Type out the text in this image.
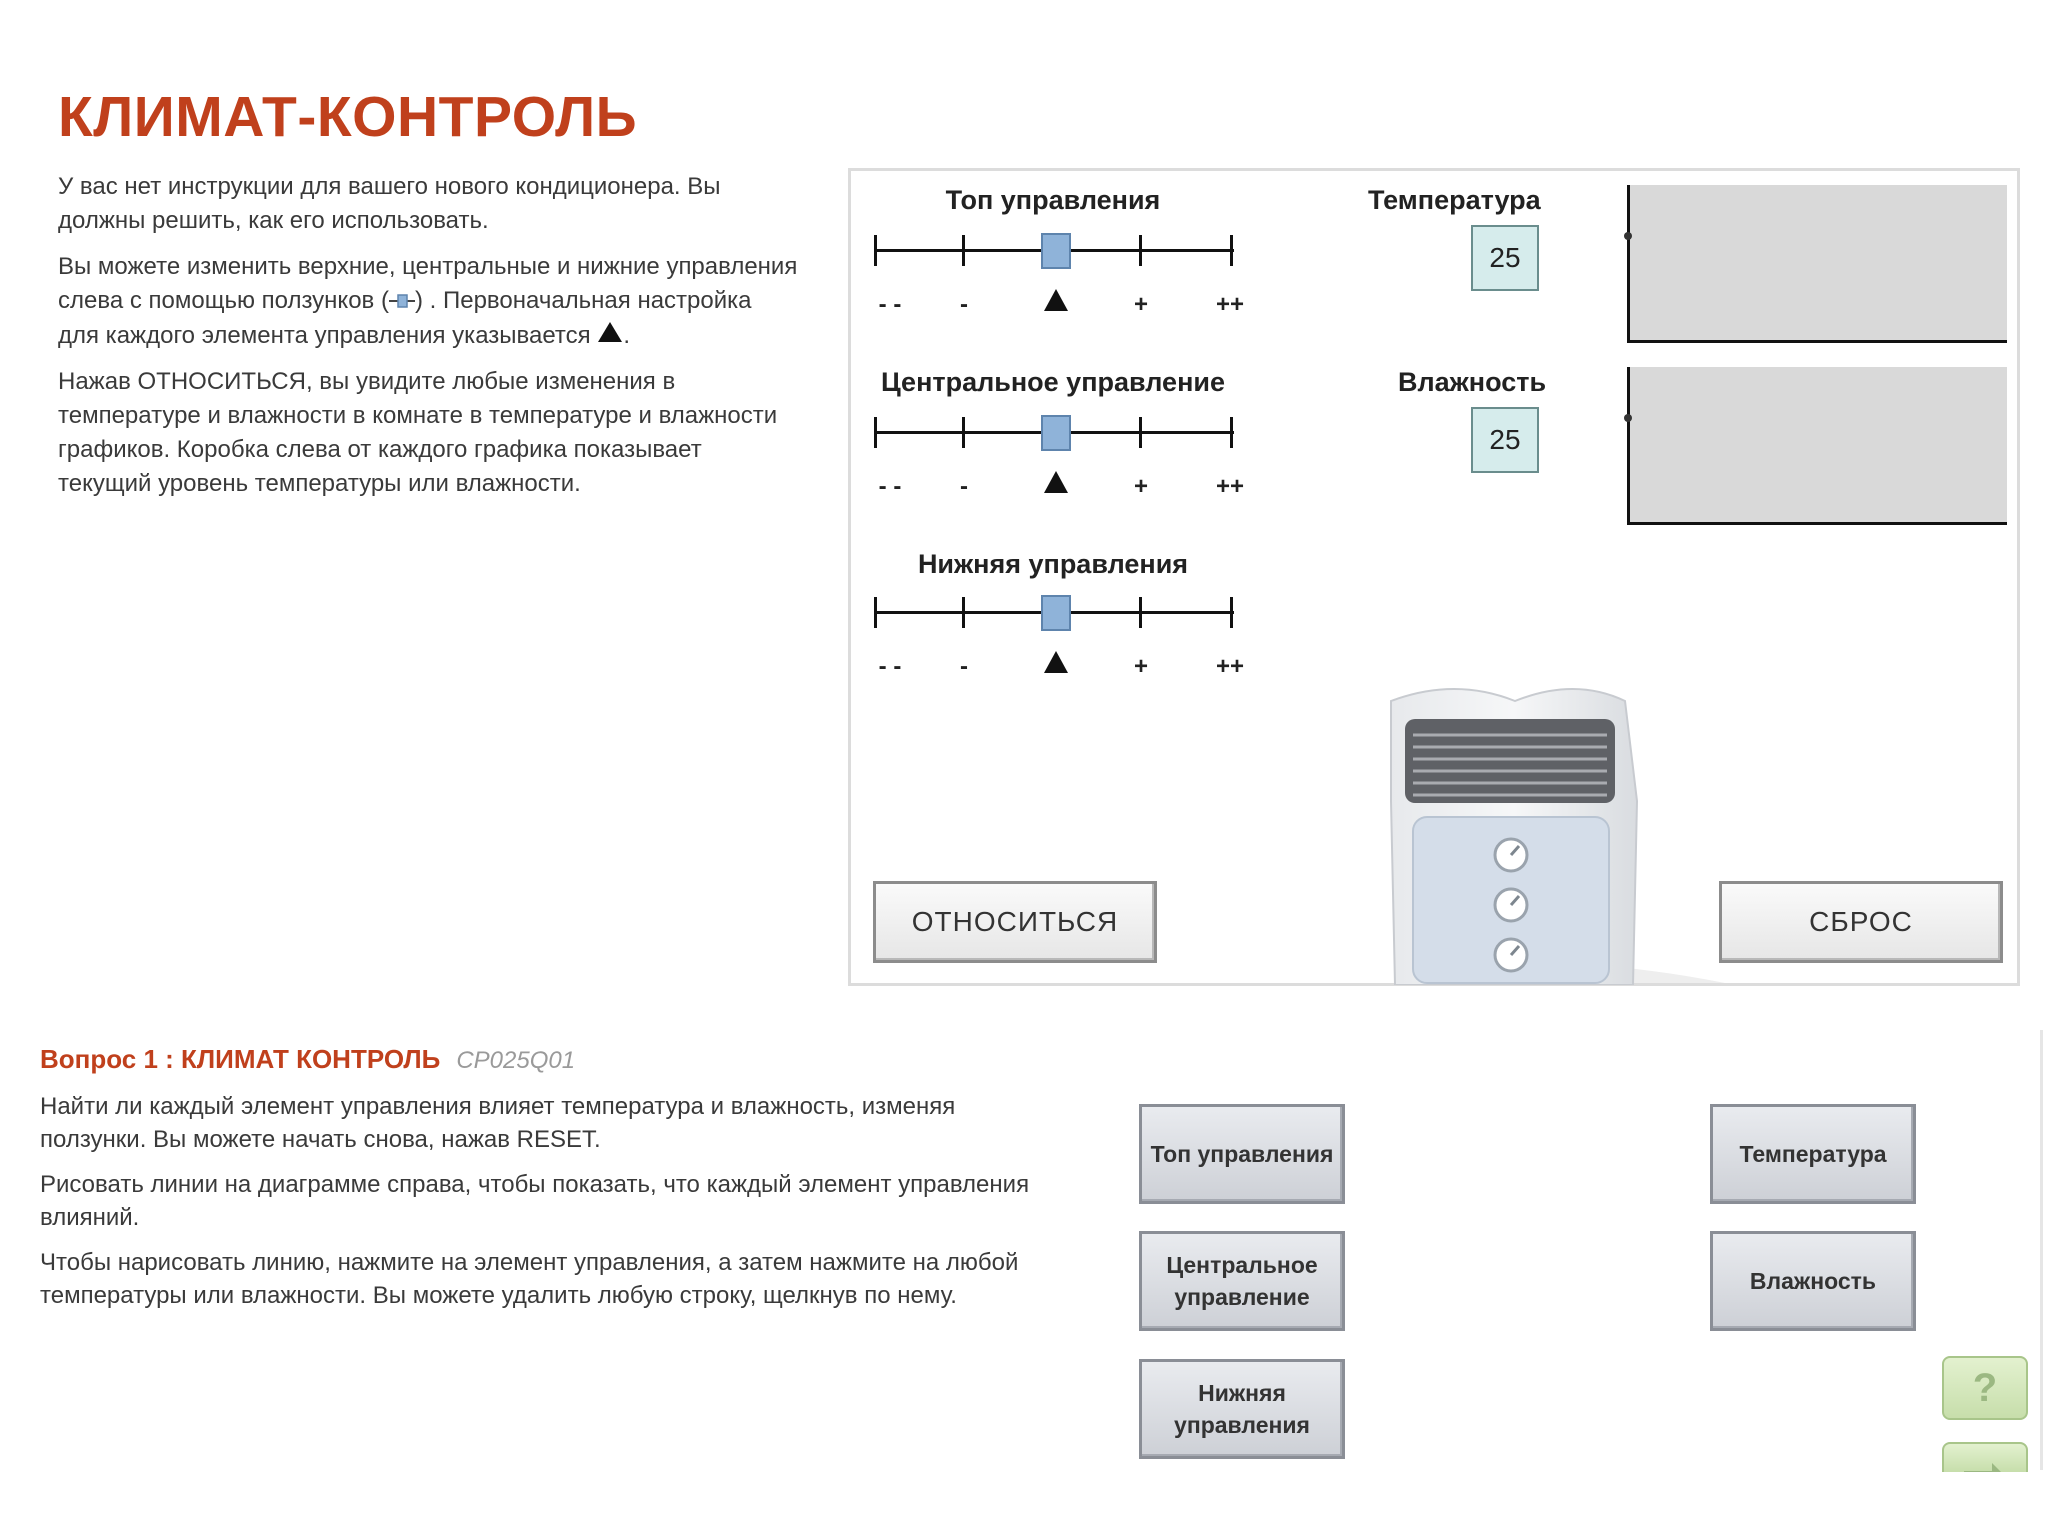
КЛИМАТ-КОНТРОЛЬ

У вас нет инструкции для вашего нового кондиционера. Вы должны решить, как его использовать.

Вы можете изменить верхние, центральные и нижние управления слева с помощью ползунков ( ) . Первоначальная настройка для каждого элемента управления указывается .

Нажав ОТНОСИТЬСЯ, вы увидите любые изменения в температуре и влажности в комнате в температуре и влажности графиков. Коробка слева от каждого графика показывает текущий уровень температуры или влажности.

Топ управления
- -	-	+	++
Центральное управление
- -	-	+	++
Нижняя управления
- -	-	+	++
Температура
25
Влажность
25
ОТНОСИТЬСЯ	СБРОС
Вопрос 1 : КЛИМАТ КОНТРОЛЬ CP025Q01

Найти ли каждый элемент управления влияет температура и влажность, изменяя ползунки. Вы можете начать снова, нажав RESET.

Рисовать линии на диаграмме справа, чтобы показать, что каждый элемент управления влияний.

Чтобы нарисовать линию, нажмите на элемент управления, а затем нажмите на любой температуры или влажности. Вы можете удалить любую строку, щелкнув по нему.

Топ управления
Центральное управление
Нижняя управления
Температура
Влажность
?
